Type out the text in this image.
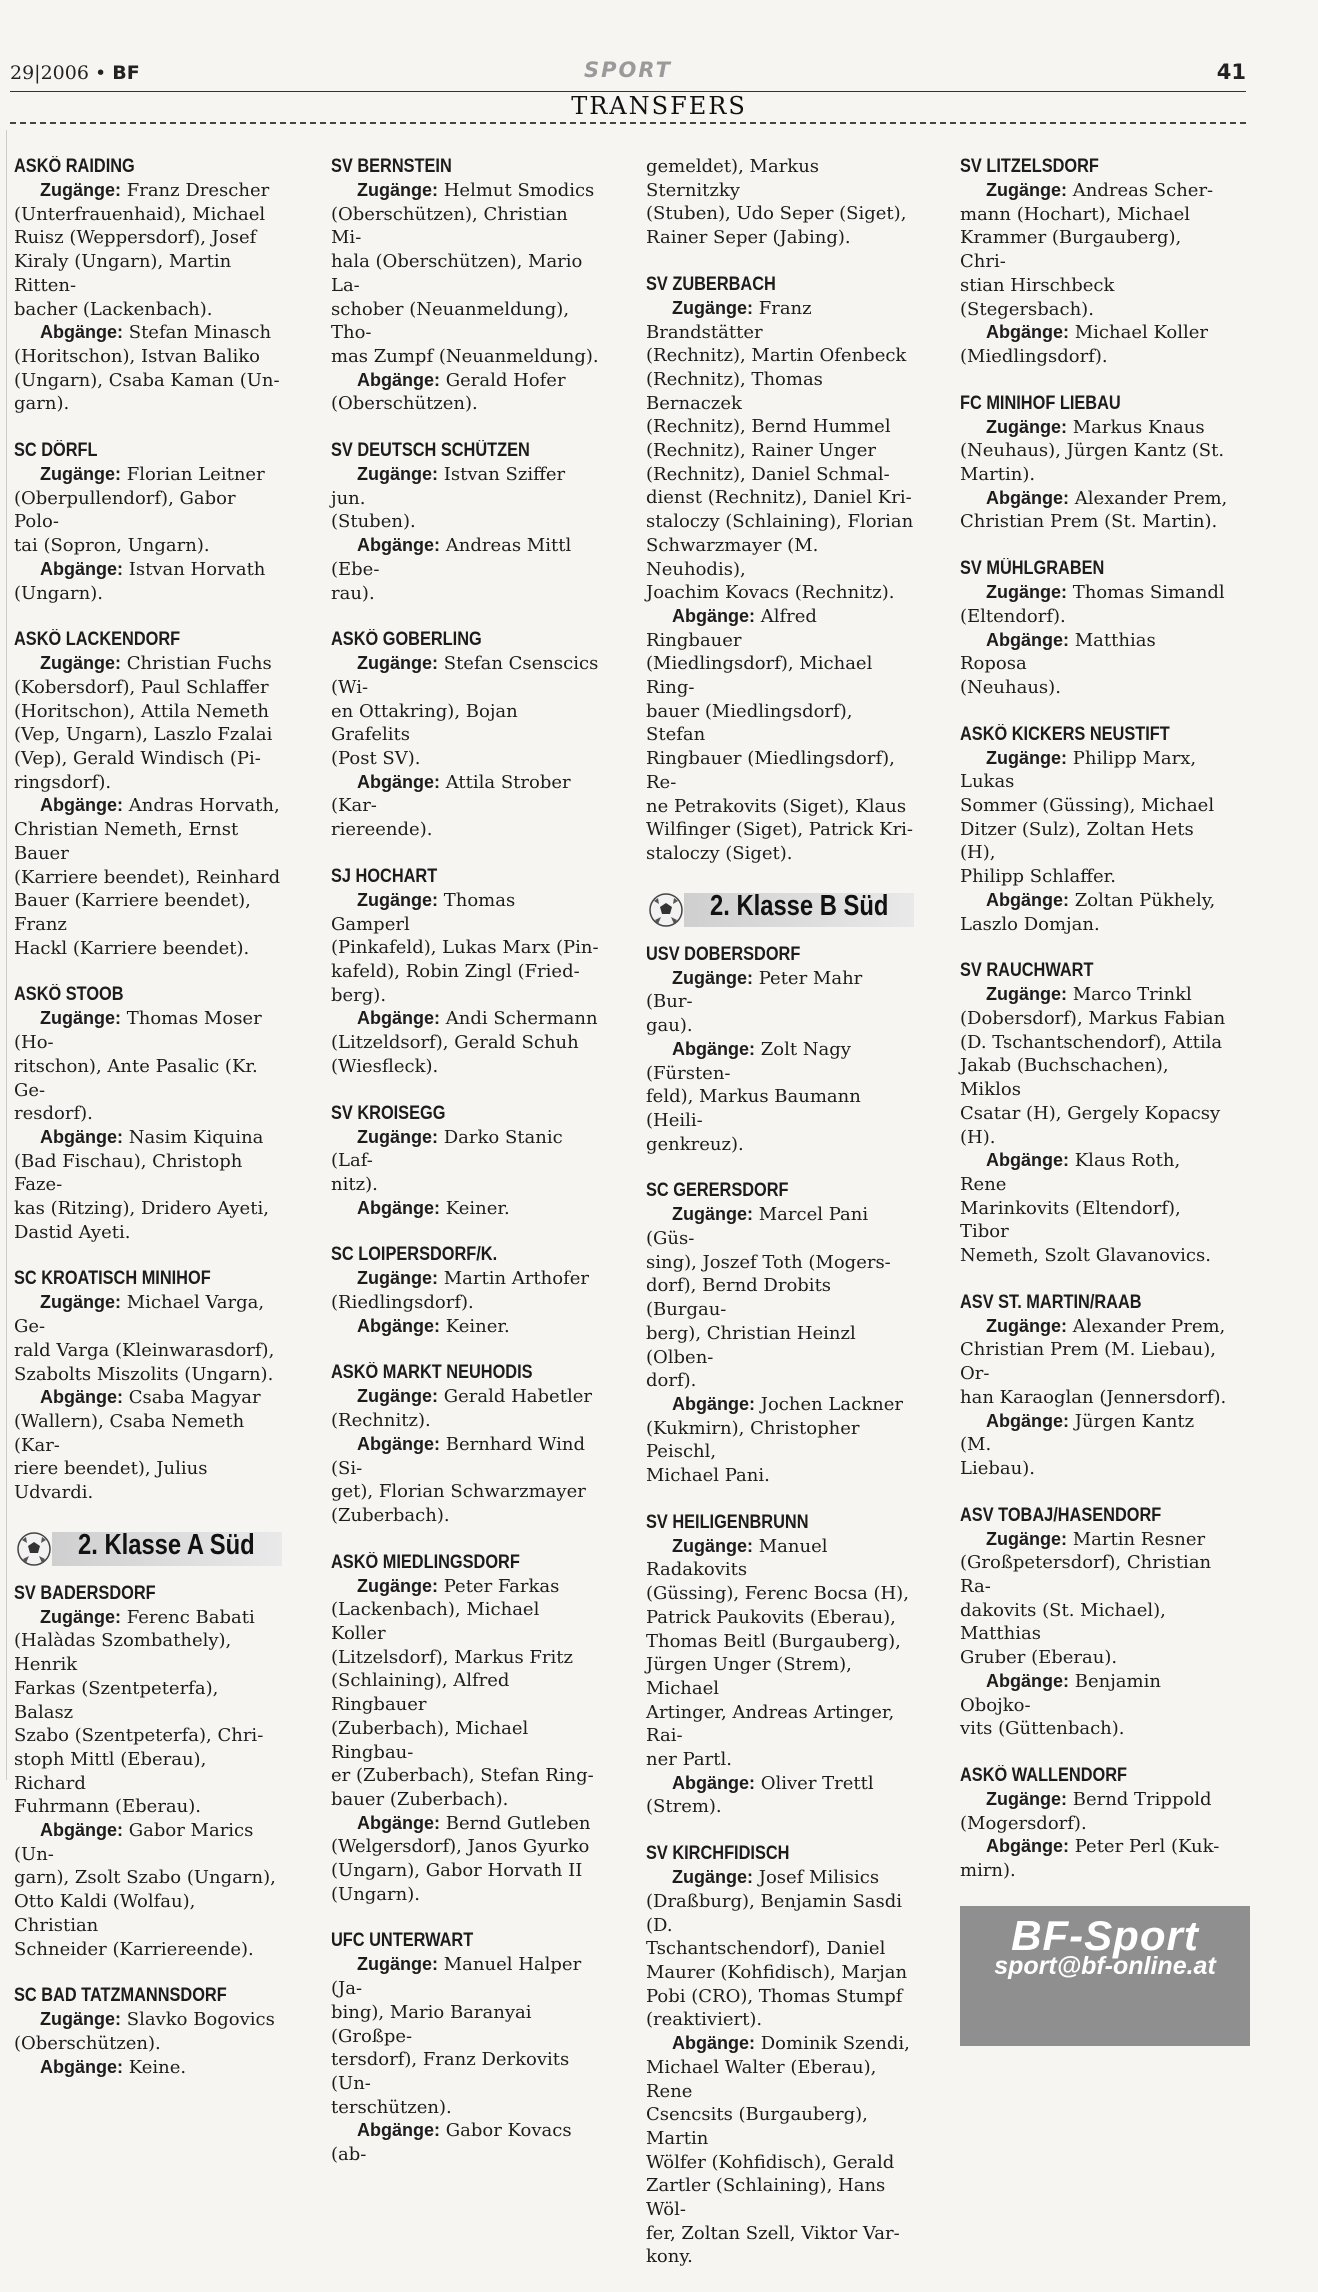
29|2006 • BF	SPORT	41
TRANSFERS
ASKÖ RAIDING
Zugänge: Franz Drescher
(Unterfrauenhaid), Michael
Ruisz (Weppersdorf), Josef
Kiraly (Ungarn), Martin Ritten-
bacher (Lackenbach).
Abgänge: Stefan Minasch
(Horitschon), Istvan Baliko
(Ungarn), Csaba Kaman (Un-
garn).
SC DÖRFL
Zugänge: Florian Leitner
(Oberpullendorf), Gabor Polo-
tai (Sopron, Ungarn).
Abgänge: Istvan Horvath
(Ungarn).
ASKÖ LACKENDORF
Zugänge: Christian Fuchs
(Kobersdorf), Paul Schlaffer
(Horitschon), Attila Nemeth
(Vep, Ungarn), Laszlo Fzalai
(Vep), Gerald Windisch (Pi-
ringsdorf).
Abgänge: Andras Horvath,
Christian Nemeth, Ernst Bauer
(Karriere beendet), Reinhard
Bauer (Karriere beendet), Franz
Hackl (Karriere beendet).
ASKÖ STOOB
Zugänge: Thomas Moser (Ho-
ritschon), Ante Pasalic (Kr. Ge-
resdorf).
Abgänge: Nasim Kiquina
(Bad Fischau), Christoph Faze-
kas (Ritzing), Dridero Ayeti,
Dastid Ayeti.
SC KROATISCH MINIHOF
Zugänge: Michael Varga, Ge-
rald Varga (Kleinwarasdorf),
Szabolts Miszolits (Ungarn).
Abgänge: Csaba Magyar
(Wallern), Csaba Nemeth (Kar-
riere beendet), Julius Udvardi.
2. Klasse A Süd
SV BADERSDORF
Zugänge: Ferenc Babati
(Halàdas Szombathely), Henrik
Farkas (Szentpeterfa), Balasz
Szabo (Szentpeterfa), Chri-
stoph Mittl (Eberau), Richard
Fuhrmann (Eberau).
Abgänge: Gabor Marics (Un-
garn), Zsolt Szabo (Ungarn),
Otto Kaldi (Wolfau), Christian
Schneider (Karriereende).
SC BAD TATZMANNSDORF
Zugänge: Slavko Bogovics
(Oberschützen).
Abgänge: Keine.
SV BERNSTEIN
Zugänge: Helmut Smodics
(Oberschützen), Christian Mi-
hala (Oberschützen), Mario La-
schober (Neuanmeldung), Tho-
mas Zumpf (Neuanmeldung).
Abgänge: Gerald Hofer
(Oberschützen).
SV DEUTSCH SCHÜTZEN
Zugänge: Istvan Sziffer jun.
(Stuben).
Abgänge: Andreas Mittl (Ebe-
rau).
ASKÖ GOBERLING
Zugänge: Stefan Csenscics (Wi-
en Ottakring), Bojan Grafelits
(Post SV).
Abgänge: Attila Strober (Kar-
riereende).
SJ HOCHART
Zugänge: Thomas Gamperl
(Pinkafeld), Lukas Marx (Pin-
kafeld), Robin Zingl (Fried-
berg).
Abgänge: Andi Schermann
(Litzeldsorf), Gerald Schuh
(Wiesfleck).
SV KROISEGG
Zugänge: Darko Stanic (Laf-
nitz).
Abgänge: Keiner.
SC LOIPERSDORF/K.
Zugänge: Martin Arthofer
(Riedlingsdorf).
Abgänge: Keiner.
ASKÖ MARKT NEUHODIS
Zugänge: Gerald Habetler
(Rechnitz).
Abgänge: Bernhard Wind (Si-
get), Florian Schwarzmayer
(Zuberbach).
ASKÖ MIEDLINGSDORF
Zugänge: Peter Farkas
(Lackenbach), Michael Koller
(Litzelsdorf), Markus Fritz
(Schlaining), Alfred Ringbauer
(Zuberbach), Michael Ringbau-
er (Zuberbach), Stefan Ring-
bauer (Zuberbach).
Abgänge: Bernd Gutleben
(Welgersdorf), Janos Gyurko
(Ungarn), Gabor Horvath II
(Ungarn).
UFC UNTERWART
Zugänge: Manuel Halper (Ja-
bing), Mario Baranyai (Großpe-
tersdorf), Franz Derkovits (Un-
terschützen).
Abgänge: Gabor Kovacs (ab-
gemeldet), Markus Sternitzky
(Stuben), Udo Seper (Siget),
Rainer Seper (Jabing).
SV ZUBERBACH
Zugänge: Franz Brandstätter
(Rechnitz), Martin Ofenbeck
(Rechnitz), Thomas Bernaczek
(Rechnitz), Bernd Hummel
(Rechnitz), Rainer Unger
(Rechnitz), Daniel Schmal-
dienst (Rechnitz), Daniel Kri-
staloczy (Schlaining), Florian
Schwarzmayer (M. Neuhodis),
Joachim Kovacs (Rechnitz).
Abgänge: Alfred Ringbauer
(Miedlingsdorf), Michael Ring-
bauer (Miedlingsdorf), Stefan
Ringbauer (Miedlingsdorf), Re-
ne Petrakovits (Siget), Klaus
Wilfinger (Siget), Patrick Kri-
staloczy (Siget).
2. Klasse B Süd
USV DOBERSDORF
Zugänge: Peter Mahr (Bur-
gau).
Abgänge: Zolt Nagy (Fürsten-
feld), Markus Baumann (Heili-
genkreuz).
SC GERERSDORF
Zugänge: Marcel Pani (Güs-
sing), Joszef Toth (Mogers-
dorf), Bernd Drobits (Burgau-
berg), Christian Heinzl (Olben-
dorf).
Abgänge: Jochen Lackner
(Kukmirn), Christopher Peischl,
Michael Pani.
SV HEILIGENBRUNN
Zugänge: Manuel Radakovits
(Güssing), Ferenc Bocsa (H),
Patrick Paukovits (Eberau),
Thomas Beitl (Burgauberg),
Jürgen Unger (Strem), Michael
Artinger, Andreas Artinger, Rai-
ner Partl.
Abgänge: Oliver Trettl
(Strem).
SV KIRCHFIDISCH
Zugänge: Josef Milisics
(Draßburg), Benjamin Sasdi (D.
Tschantschendorf), Daniel
Maurer (Kohfidisch), Marjan
Pobi (CRO), Thomas Stumpf
(reaktiviert).
Abgänge: Dominik Szendi,
Michael Walter (Eberau), Rene
Csencsits (Burgauberg), Martin
Wölfer (Kohfidisch), Gerald
Zartler (Schlaining), Hans Wöl-
fer, Zoltan Szell, Viktor Var-
kony.
SV LITZELSDORF
Zugänge: Andreas Scher-
mann (Hochart), Michael
Krammer (Burgauberg), Chri-
stian Hirschbeck (Stegersbach).
Abgänge: Michael Koller
(Miedlingsdorf).
FC MINIHOF LIEBAU
Zugänge: Markus Knaus
(Neuhaus), Jürgen Kantz (St.
Martin).
Abgänge: Alexander Prem,
Christian Prem (St. Martin).
SV MÜHLGRABEN
Zugänge: Thomas Simandl
(Eltendorf).
Abgänge: Matthias Roposa
(Neuhaus).
ASKÖ KICKERS NEUSTIFT
Zugänge: Philipp Marx, Lukas
Sommer (Güssing), Michael
Ditzer (Sulz), Zoltan Hets (H),
Philipp Schlaffer.
Abgänge: Zoltan Pükhely,
Laszlo Domjan.
SV RAUCHWART
Zugänge: Marco Trinkl
(Dobersdorf), Markus Fabian
(D. Tschantschendorf), Attila
Jakab (Buchschachen), Miklos
Csatar (H), Gergely Kopacsy
(H).
Abgänge: Klaus Roth, Rene
Marinkovits (Eltendorf), Tibor
Nemeth, Szolt Glavanovics.
ASV ST. MARTIN/RAAB
Zugänge: Alexander Prem,
Christian Prem (M. Liebau), Or-
han Karaoglan (Jennersdorf).
Abgänge: Jürgen Kantz (M.
Liebau).
ASV TOBAJ/HASENDORF
Zugänge: Martin Resner
(Großpetersdorf), Christian Ra-
dakovits (St. Michael), Matthias
Gruber (Eberau).
Abgänge: Benjamin Obojko-
vits (Güttenbach).
ASKÖ WALLENDORF
Zugänge: Bernd Trippold
(Mogersdorf).
Abgänge: Peter Perl (Kuk-
mirn).
BF-Sport
sport@bf-online.at
